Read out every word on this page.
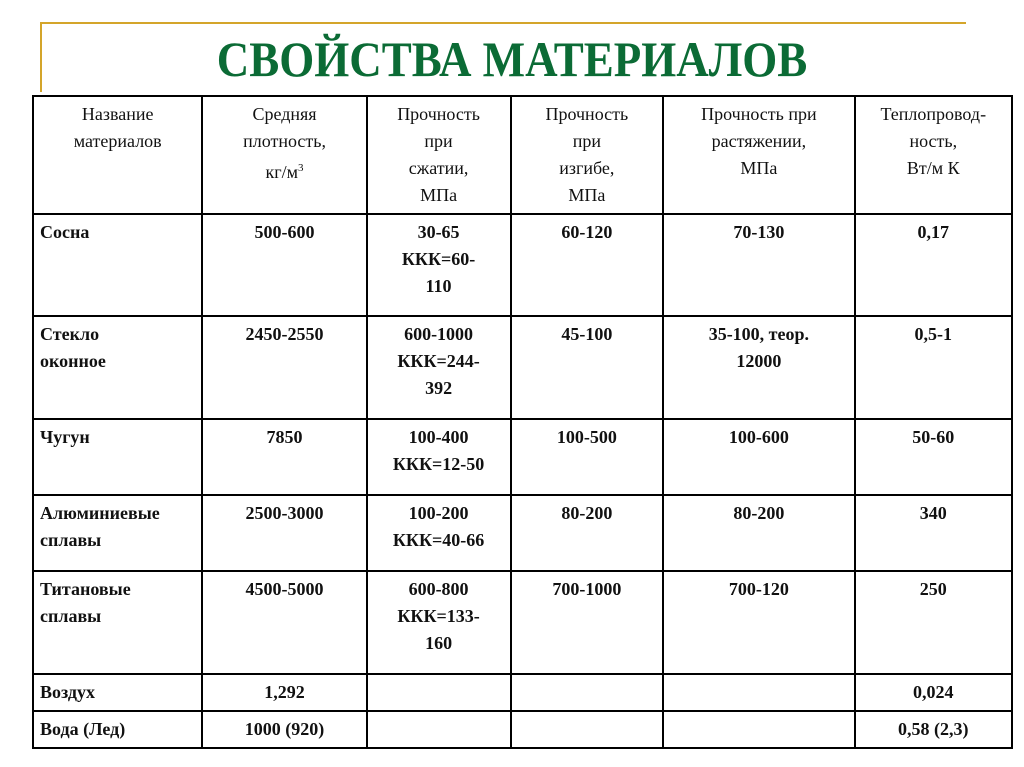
СВОЙСТВА МАТЕРИАЛОВ
Название
материалов	Средняя
плотность,
$кг/м^3$	Прочность
при
сжатии,
МПа	Прочность
при
изгибе,
МПа	Прочность при
растяжении,
МПа	Теплопровод-
ность,
Вт/м К
Сосна	500-600	30-65
ККК=60-
110	60-120	70-130	0,17
Стекло
оконное	2450-2550	600-1000
ККК=244-
392	45-100	35-100, теор.
12000	0,5-1
Чугун	7850	100-400
ККК=12-50	100-500	100-600	50-60
Алюминиевые
сплавы	2500-3000	100-200
ККК=40-66	80-200	80-200	340
Титановые
сплавы	4500-5000	600-800
ККК=133-
160	700-1000	700-120	250
Воздух	1,292				0,024
Вода (Лед)	1000 (920)				0,58 (2,3)
